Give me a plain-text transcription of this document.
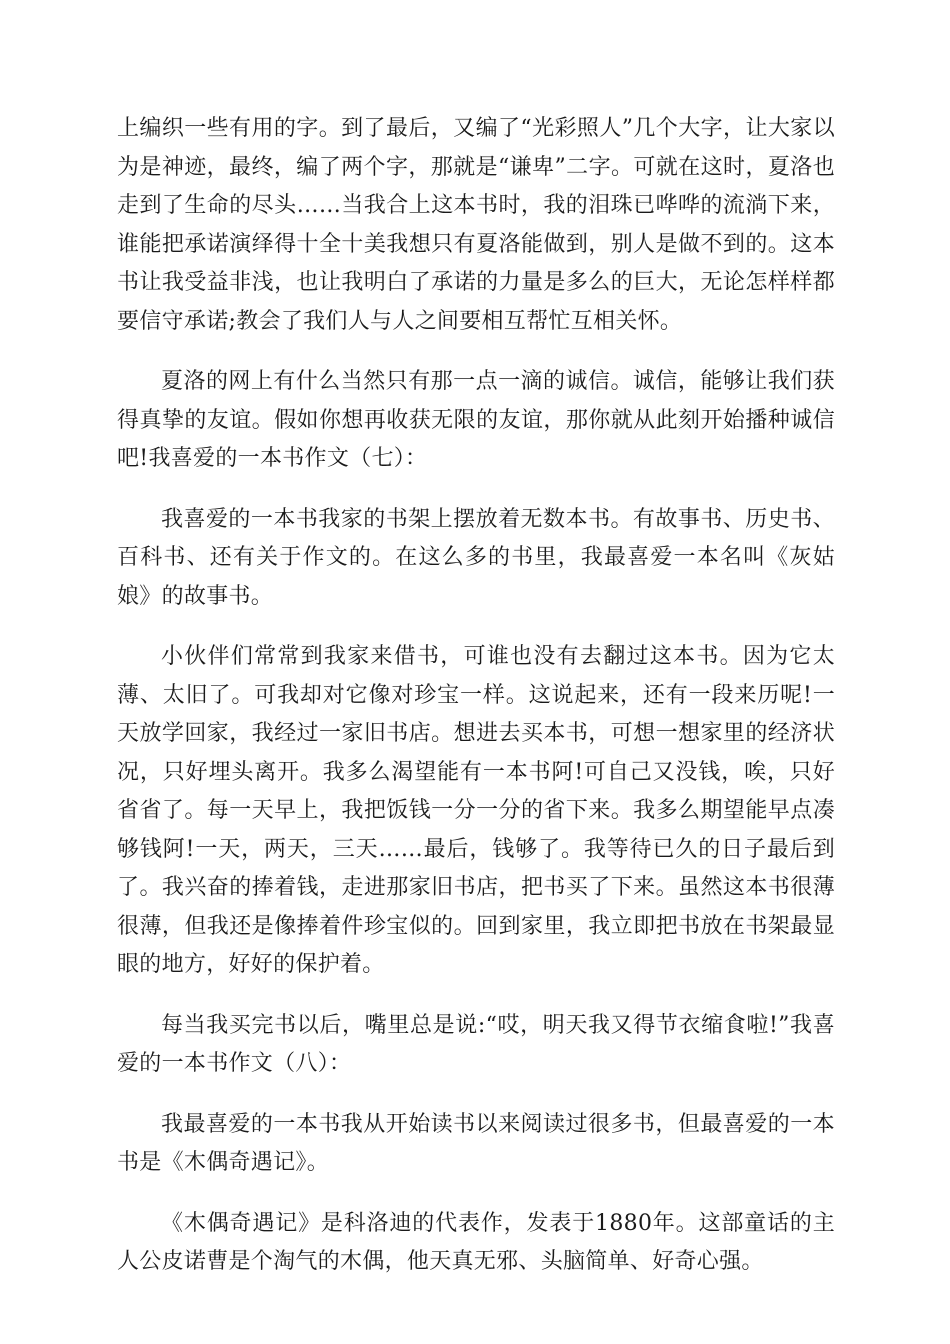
上编织一些有用的字。到了最后，又编了“光彩照人”几个大字，让大家以为是神迹，最终，编了两个字，那就是“谦卑”二字。可就在这时，夏洛也走到了生命的尽头……当我合上这本书时，我的泪珠已哗哗的流淌下来，谁能把承诺演绎得十全十美我想只有夏洛能做到，别人是做不到的。这本书让我受益非浅，也让我明白了承诺的力量是多么的巨大，无论怎样样都要信守承诺;教会了我们人与人之间要相互帮忙互相关怀。

夏洛的网上有什么当然只有那一点一滴的诚信。诚信，能够让我们获得真挚的友谊。假如你想再收获无限的友谊，那你就从此刻开始播种诚信吧!我喜爱的一本书作文（七）：

我喜爱的一本书我家的书架上摆放着无数本书。有故事书、历史书、百科书、还有关于作文的。在这么多的书里，我最喜爱一本名叫《灰姑娘》的故事书。

小伙伴们常常到我家来借书，可谁也没有去翻过这本书。因为它太薄、太旧了。可我却对它像对珍宝一样。这说起来，还有一段来历呢!一天放学回家，我经过一家旧书店。想进去买本书，可想一想家里的经济状况，只好埋头离开。我多么渴望能有一本书阿!可自己又没钱，唉，只好省省了。每一天早上，我把饭钱一分一分的省下来。我多么期望能早点凑够钱阿!一天，两天，三天……最后，钱够了。我等待已久的日子最后到了。我兴奋的捧着钱，走进那家旧书店，把书买了下来。虽然这本书很薄很薄，但我还是像捧着件珍宝似的。回到家里，我立即把书放在书架最显眼的地方，好好的保护着。

每当我买完书以后，嘴里总是说:“哎，明天我又得节衣缩食啦!”我喜爱的一本书作文（八）：

我最喜爱的一本书我从开始读书以来阅读过很多书，但最喜爱的一本书是《木偶奇遇记》。

《木偶奇遇记》是科洛迪的代表作，发表于1880年。这部童话的主人公皮诺曹是个淘气的木偶，他天真无邪、头脑简单、好奇心强。
